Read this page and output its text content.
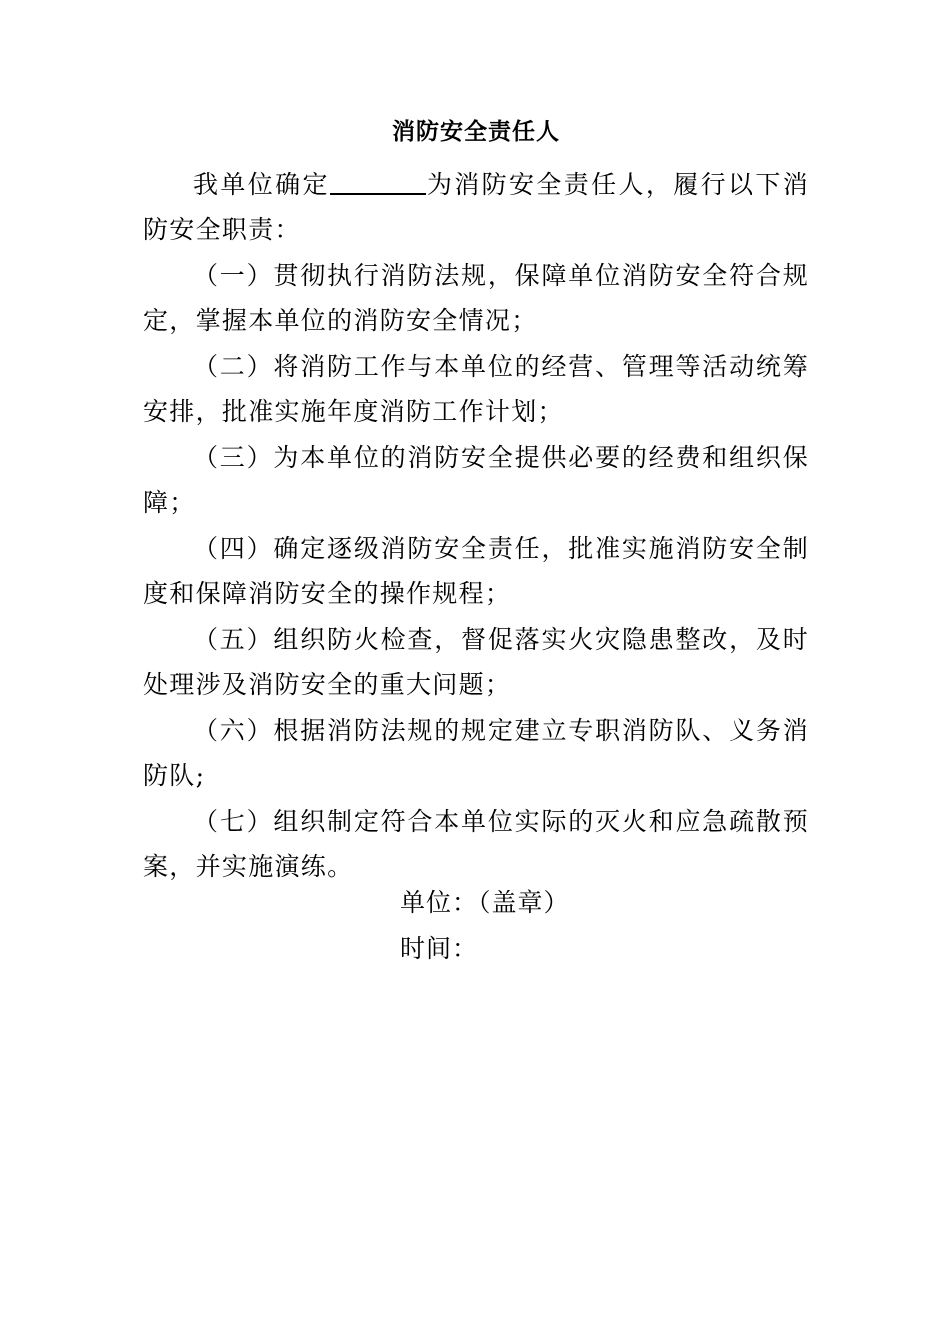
消防安全责任人

我单位确定	为消防安全责任人，履行以下消防安全职责：

（一）贯彻执行消防法规，保障单位消防安全符合规定，掌握本单位的消防安全情况；

（二）将消防工作与本单位的经营、管理等活动统筹安排，批准实施年度消防工作计划；

（三）为本单位的消防安全提供必要的经费和组织保障；

（四）确定逐级消防安全责任，批准实施消防安全制度和保障消防安全的操作规程；

（五）组织防火检查，督促落实火灾隐患整改，及时处理涉及消防安全的重大问题；

（六）根据消防法规的规定建立专职消防队、义务消防队;

（七）组织制定符合本单位实际的灭火和应急疏散预案，并实施演练。

单位：（盖章）
时间：
